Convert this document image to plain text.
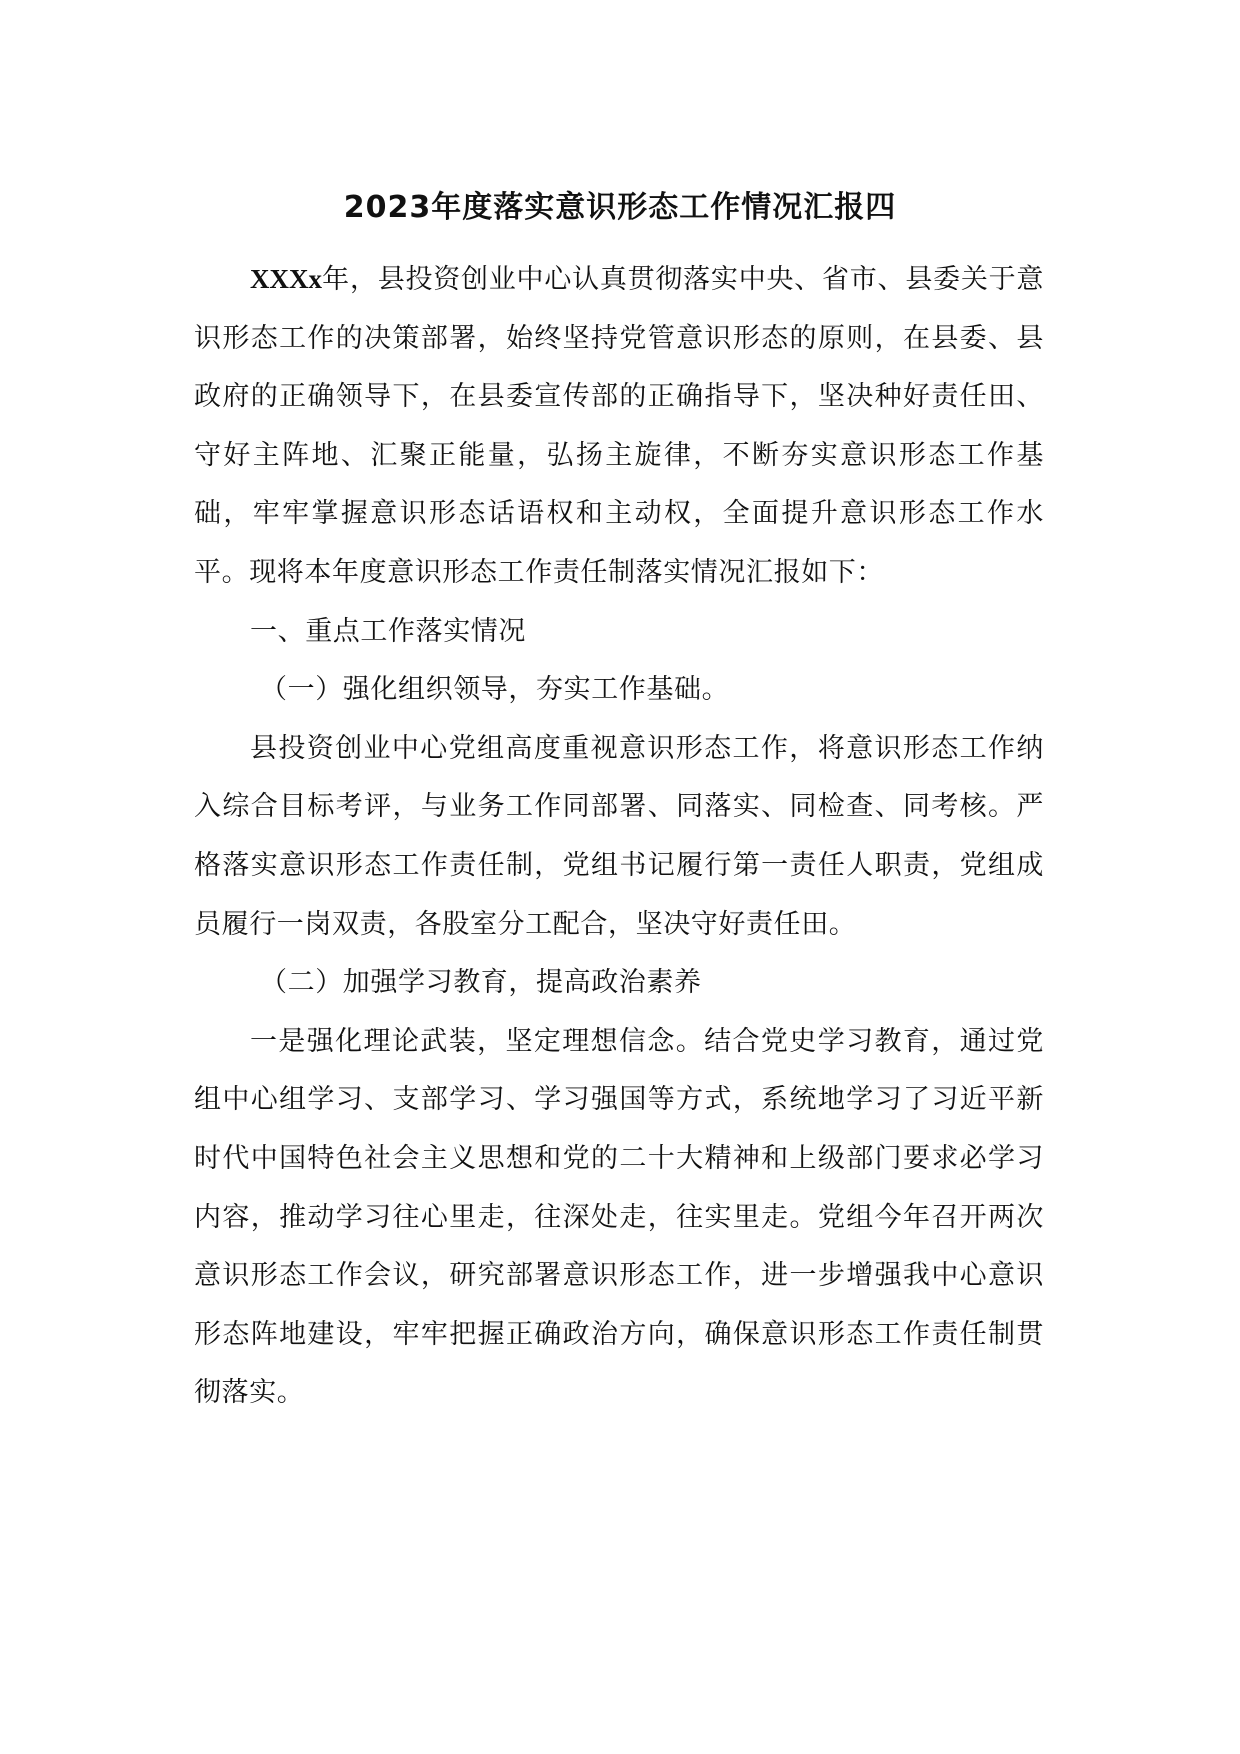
2023年度落实意识形态工作情况汇报四

XXXx年，县投资创业中心认真贯彻落实中央、省市、县委关于意识形态工作的决策部署，始终坚持党管意识形态的原则，在县委、县政府的正确领导下，在县委宣传部的正确指导下，坚决种好责任田、守好主阵地、汇聚正能量，弘扬主旋律，不断夯实意识形态工作基础，牢牢掌握意识形态话语权和主动权，全面提升意识形态工作水平。现将本年度意识形态工作责任制落实情况汇报如下：

一、重点工作落实情况

（一）强化组织领导，夯实工作基础。

县投资创业中心党组高度重视意识形态工作，将意识形态工作纳入综合目标考评，与业务工作同部署、同落实、同检查、同考核。严格落实意识形态工作责任制，党组书记履行第一责任人职责，党组成员履行一岗双责，各股室分工配合，坚决守好责任田。

（二）加强学习教育，提高政治素养

一是强化理论武装，坚定理想信念。结合党史学习教育，通过党组中心组学习、支部学习、学习强国等方式，系统地学习了习近平新时代中国特色社会主义思想和党的二十大精神和上级部门要求必学习内容，推动学习往心里走，往深处走，往实里走。党组今年召开两次意识形态工作会议，研究部署意识形态工作，进一步增强我中心意识形态阵地建设，牢牢把握正确政治方向，确保意识形态工作责任制贯彻落实。
